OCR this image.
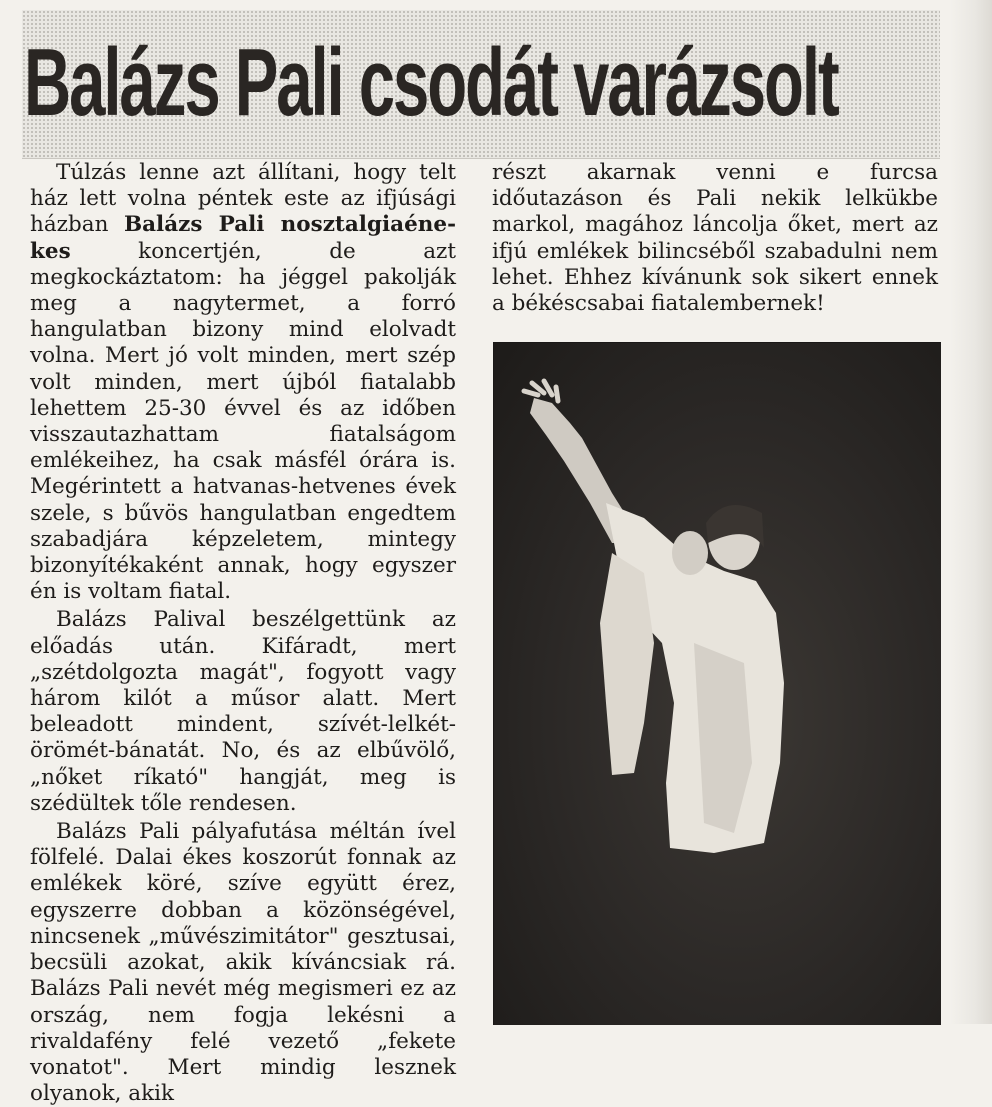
Balázs Pali csodát varázsolt

Túlzás lenne azt állítani, hogy telt ház lett volna péntek este az ifjúsági házban Balázs Pali nosztalgiaéne-kes koncertjén, de azt megkockáztatom: ha jéggel pakolják meg a nagytermet, a forró hangulatban bizony mind elolvadt volna. Mert jó volt minden, mert szép volt minden, mert újból fiatalabb lehettem 25-30 évvel és az időben visszautazhattam fiatalságom emlékeihez, ha csak másfél órára is. Megérintett a hatvanas-hetvenes évek szele, s bűvös hangulatban engedtem szabadjára képzeletem, mintegy bizonyítékaként annak, hogy egyszer én is voltam fiatal.

Balázs Palival beszélgettünk az előadás után. Kifáradt, mert „szétdolgozta magát", fogyott vagy három kilót a műsor alatt. Mert beleadott mindent, szívét-lelkét-örömét-bánatát. No, és az elbűvölő, „nőket ríkató" hangját, meg is szédültek tőle rendesen.

Balázs Pali pályafutása méltán ível fölfelé. Dalai ékes koszorút fonnak az emlékek köré, szíve együtt érez, egyszerre dobban a közönségével, nincsenek „művészimitátor" gesztusai, becsüli azokat, akik kíváncsiak rá. Balázs Pali nevét még megismeri ez az ország, nem fogja lekésni a rivaldafény felé vezető „fekete vonatot". Mert mindig lesznek olyanok, akik

részt akarnak venni e furcsa időutazáson és Pali nekik lelkükbe markol, magához láncolja őket, mert az ifjú emlékek bilincséből szabadulni nem lehet. Ehhez kívánunk sok sikert ennek a békéscsabai fiatalembernek!
